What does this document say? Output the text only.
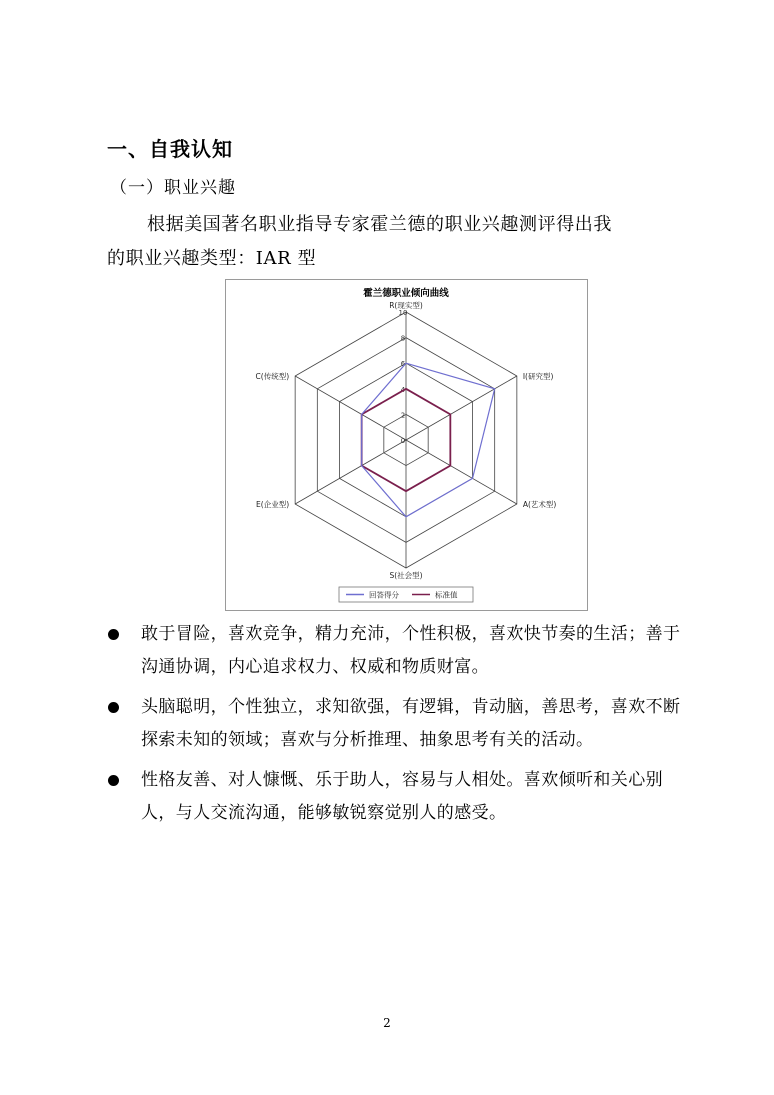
一、自我认知
（一）职业兴趣
根据美国著名职业指导专家霍兰德的职业兴趣测评得出我
的职业兴趣类型：IAR 型
霍兰德职业倾向曲线
0
2
4
6
8
10
R(现实型)
I(研究型)
A(艺术型)
S(社会型)
E(企业型)
C(传统型)
回答得分	标准值
敢于冒险，喜欢竞争，精力充沛，个性积极，喜欢快节奏的生活；善于沟通协调，内心追求权力、权威和物质财富。
头脑聪明，个性独立，求知欲强，有逻辑，肯动脑，善思考，喜欢不断探索未知的领域；喜欢与分析推理、抽象思考有关的活动。
性格友善、对人慷慨、乐于助人，容易与人相处。喜欢倾听和关心别人，与人交流沟通，能够敏锐察觉别人的感受。
2
